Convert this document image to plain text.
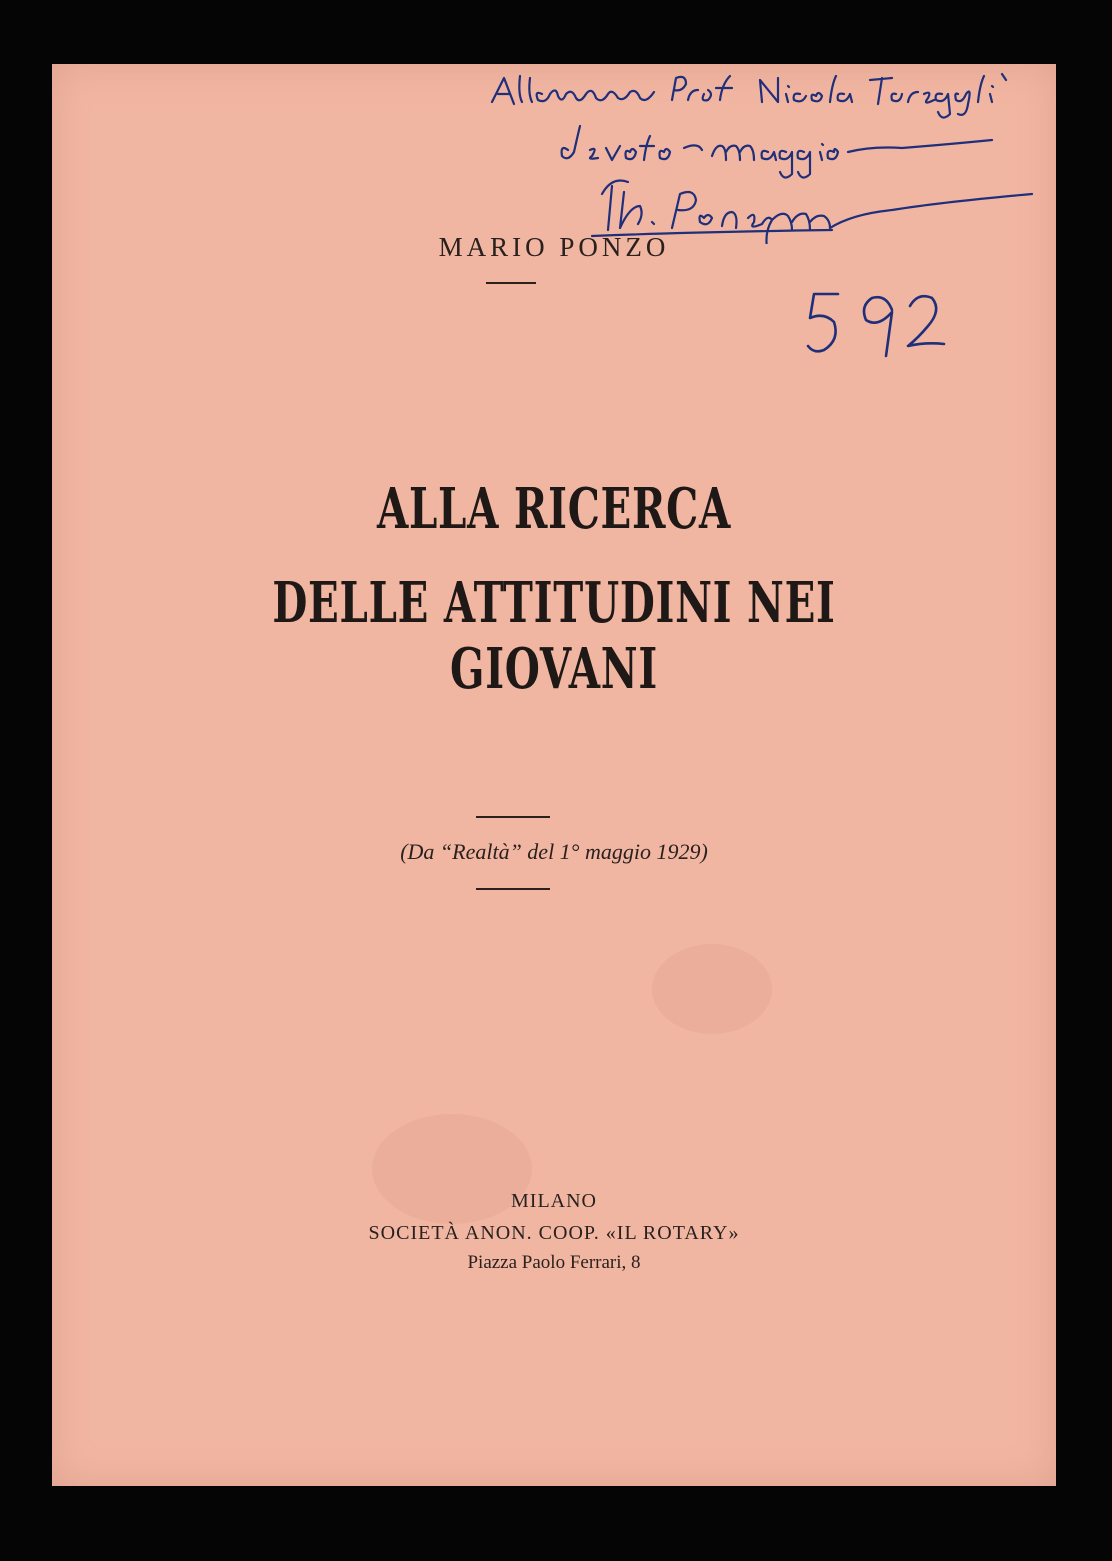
MARIO PONZO
ALLA RICERCA
DELLE ATTITUDINI NEI GIOVANI
(Da “Realtà” del 1° maggio 1929)
MILANO
SOCIETÀ ANON. COOP. «IL ROTARY»
Piazza Paolo Ferrari, 8
